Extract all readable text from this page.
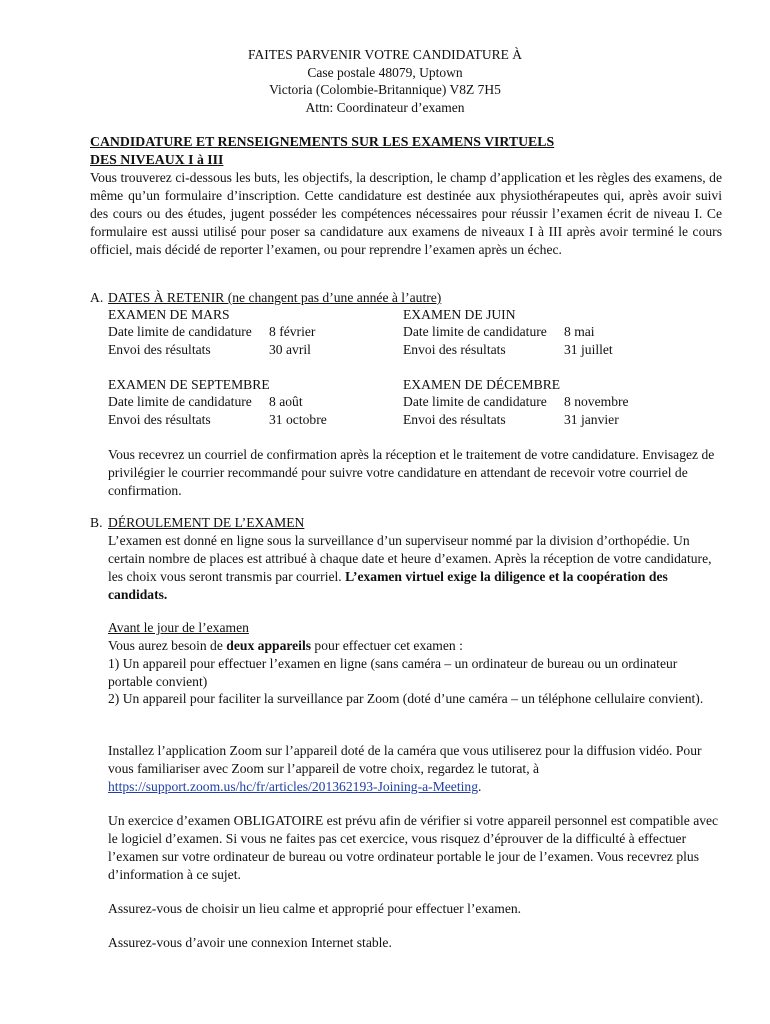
FAITES PARVENIR VOTRE CANDIDATURE À
Case postale 48079, Uptown
Victoria (Colombie-Britannique) V8Z 7H5
Attn: Coordinateur d’examen
CANDIDATURE ET RENSEIGNEMENTS SUR LES EXAMENS VIRTUELS
DES NIVEAUX I à III
Vous trouverez ci-dessous les buts, les objectifs, la description, le champ d’application et les règles des examens, de même qu’un formulaire d’inscription. Cette candidature est destinée aux physiothérapeutes qui, après avoir suivi des cours ou des études, jugent posséder les compétences nécessaires pour réussir l’examen écrit de niveau I. Ce formulaire est aussi utilisé pour poser sa candidature aux examens de niveaux I à III après avoir terminé le cours officiel, mais décidé de reporter l’examen, ou pour reprendre l’examen après un échec.
A. DATES À RETENIR (ne changent pas d’une année à l’autre)
EXAMEN DE MARS
Date limite de candidature 8 février
Envoi des résultats	30 avril
EXAMEN DE JUIN
Date limite de candidature 8 mai
Envoi des résultats	31 juillet
EXAMEN DE SEPTEMBRE
Date limite de candidature 8 août
Envoi des résultats	31 octobre
EXAMEN DE DÉCEMBRE
Date limite de candidature 8 novembre
Envoi des résultats	31 janvier
Vous recevrez un courriel de confirmation après la réception et le traitement de votre candidature. Envisagez de privilégier le courrier recommandé pour suivre votre candidature en attendant de recevoir votre courriel de confirmation.
B. DÉROULEMENT DE L’EXAMEN
L’examen est donné en ligne sous la surveillance d’un superviseur nommé par la division d’orthopédie. Un certain nombre de places est attribué à chaque date et heure d’examen. Après la réception de votre candidature, les choix vous seront transmis par courriel. L’examen virtuel exige la diligence et la coopération des candidats.
Avant le jour de l’examen
Vous aurez besoin de deux appareils pour effectuer cet examen :
1) Un appareil pour effectuer l’examen en ligne (sans caméra – un ordinateur de bureau ou un ordinateur portable convient)
2) Un appareil pour faciliter la surveillance par Zoom (doté d’une caméra – un téléphone cellulaire convient).
Installez l’application Zoom sur l’appareil doté de la caméra que vous utiliserez pour la diffusion vidéo. Pour vous familiariser avec Zoom sur l’appareil de votre choix, regardez le tutorat, à https://support.zoom.us/hc/fr/articles/201362193-Joining-a-Meeting.
Un exercice d’examen OBLIGATOIRE est prévu afin de vérifier si votre appareil personnel est compatible avec le logiciel d’examen. Si vous ne faites pas cet exercice, vous risquez d’éprouver de la difficulté à effectuer l’examen sur votre ordinateur de bureau ou votre ordinateur portable le jour de l’examen. Vous recevrez plus d’information à ce sujet.
Assurez-vous de choisir un lieu calme et approprié pour effectuer l’examen.
Assurez-vous d’avoir une connexion Internet stable.
